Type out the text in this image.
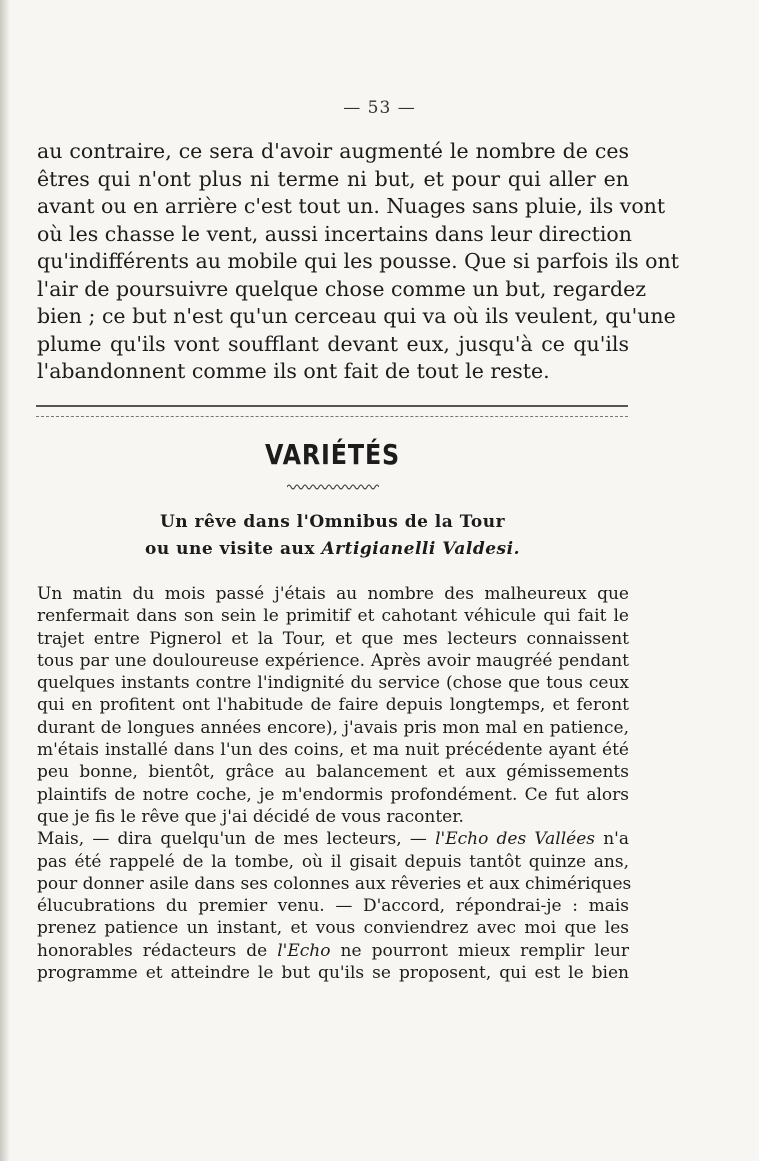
— 53 —
au contraire, ce sera d'avoir augmenté le nombre de ces
êtres qui n'ont plus ni terme ni but, et pour qui aller en
avant ou en arrière c'est tout un. Nuages sans pluie, ils vont
où les chasse le vent, aussi incertains dans leur direction
qu'indifférents au mobile qui les pousse. Que si parfois ils ont
l'air de poursuivre quelque chose comme un but, regardez
bien ; ce but n'est qu'un cerceau qui va où ils veulent, qu'une
plume qu'ils vont soufflant devant eux, jusqu'à ce qu'ils
l'abandonnent comme ils ont fait de tout le reste.
VARIÉTÉS
Un rêve dans l'Omnibus de la Tour
ou une visite aux Artigianelli Valdesi.
Un matin du mois passé j'étais au nombre des malheureux que
renfermait dans son sein le primitif et cahotant véhicule qui fait le
trajet entre Pignerol et la Tour, et que mes lecteurs connaissent
tous par une douloureuse expérience. Après avoir maugréé pendant
quelques instants contre l'indignité du service (chose que tous ceux
qui en profitent ont l'habitude de faire depuis longtemps, et feront
durant de longues années encore), j'avais pris mon mal en patience,
m'étais installé dans l'un des coins, et ma nuit précédente ayant été
peu bonne, bientôt, grâce au balancement et aux gémissements
plaintifs de notre coche, je m'endormis profondément. Ce fut alors
que je fis le rêve que j'ai décidé de vous raconter.
Mais, — dira quelqu'un de mes lecteurs, — l'Echo des Vallées n'a
pas été rappelé de la tombe, où il gisait depuis tantôt quinze ans,
pour donner asile dans ses colonnes aux rêveries et aux chimériques
élucubrations du premier venu. — D'accord, répondrai-je : mais
prenez patience un instant, et vous conviendrez avec moi que les
honorables rédacteurs de l'Echo ne pourront mieux remplir leur
programme et atteindre le but qu'ils se proposent, qui est le bien
